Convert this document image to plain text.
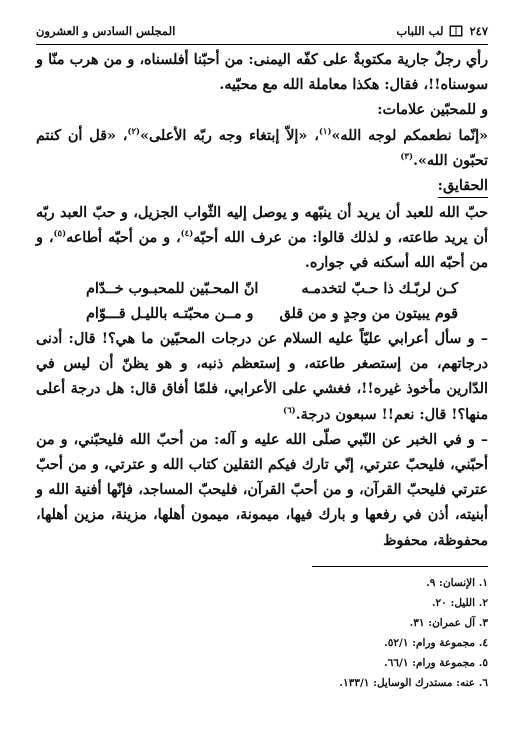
٢٤٧
لب اللباب
المجلس السادس و العشرون

رأي رجلٌ جارية مكتوبةٌ على كفّه اليمنى: من أحبّنا أفلسناه، و من هرب منّا و سوسناه!!، فقال: هكذا معاملة الله مع محبّيه.

و للمحبّين علامات:

«إنّما نطعمكم لوجه الله»$^{(١)}$، «إلاّ إبتغاء وجه ربّه الأعلى»$^{(٢)}$، «قل أن كنتم تحبّون الله».$^{(٣)}$

الحقايق:

حبّ الله للعبد أن يريد أن ينبّهه و يوصل إليه الثّواب الجزيل، و حبّ العبد ربّه أن يريد طاعته، و لذلك قالوا: من عرف الله أحبّه$^{(٤)}$، و من أحبّه أطاعه$^{(٥)}$، و من أحبّه الله أسكنه في جواره.

كـن لربّـك ذا حـبّ لتخدمـه
انّ المحـبّين للمحبـوب خــدّام
قوم يبيتون من وجدٍ و من قلق
و مــن محبّتـه بالليـل قـــوّام

– و سأل أعرابي عليّاً عليه السلام عن درجات المحبّين ما هي؟! قال: أدنى درجاتهم، من إستصغر طاعته، و إستعظم ذنبه، و هو يظنّ أن ليس في الدّارين مأخوذ غيره!!، فغشي على الأعرابي، فلمّا أفاق قال: هل درجة أعلى منها؟! قال: نعم!! سبعون درجة.$^{(٦)}$

– و في الخبر عن النّبي صلّى الله عليه و آله: من أحبّ الله فليحبّني، و من أحبّني، فليحبّ عترتي، إنّي تارك فيكم الثقلين كتاب الله و عترتي، و من أحبّ عترتي فليحبّ القرآن، و من أحبّ القرآن، فليحبّ المساجد، فإنّها أفنية الله و أبنيته، أذن في رفعها و بارك فيها، ميمونة، ميمون أهلها، مزينة، مزين أهلها، محفوظة، محفوظ

١. الإنسان: ٩.
٢. الليل: ٢٠.
٣. آل عمران: ٣١.
٤. مجموعة ورام: ٥٢/١.
٥. مجموعة ورام: ٦٦/١.
٦. عنه: مستدرك الوسايل: ١٣٣/١.
